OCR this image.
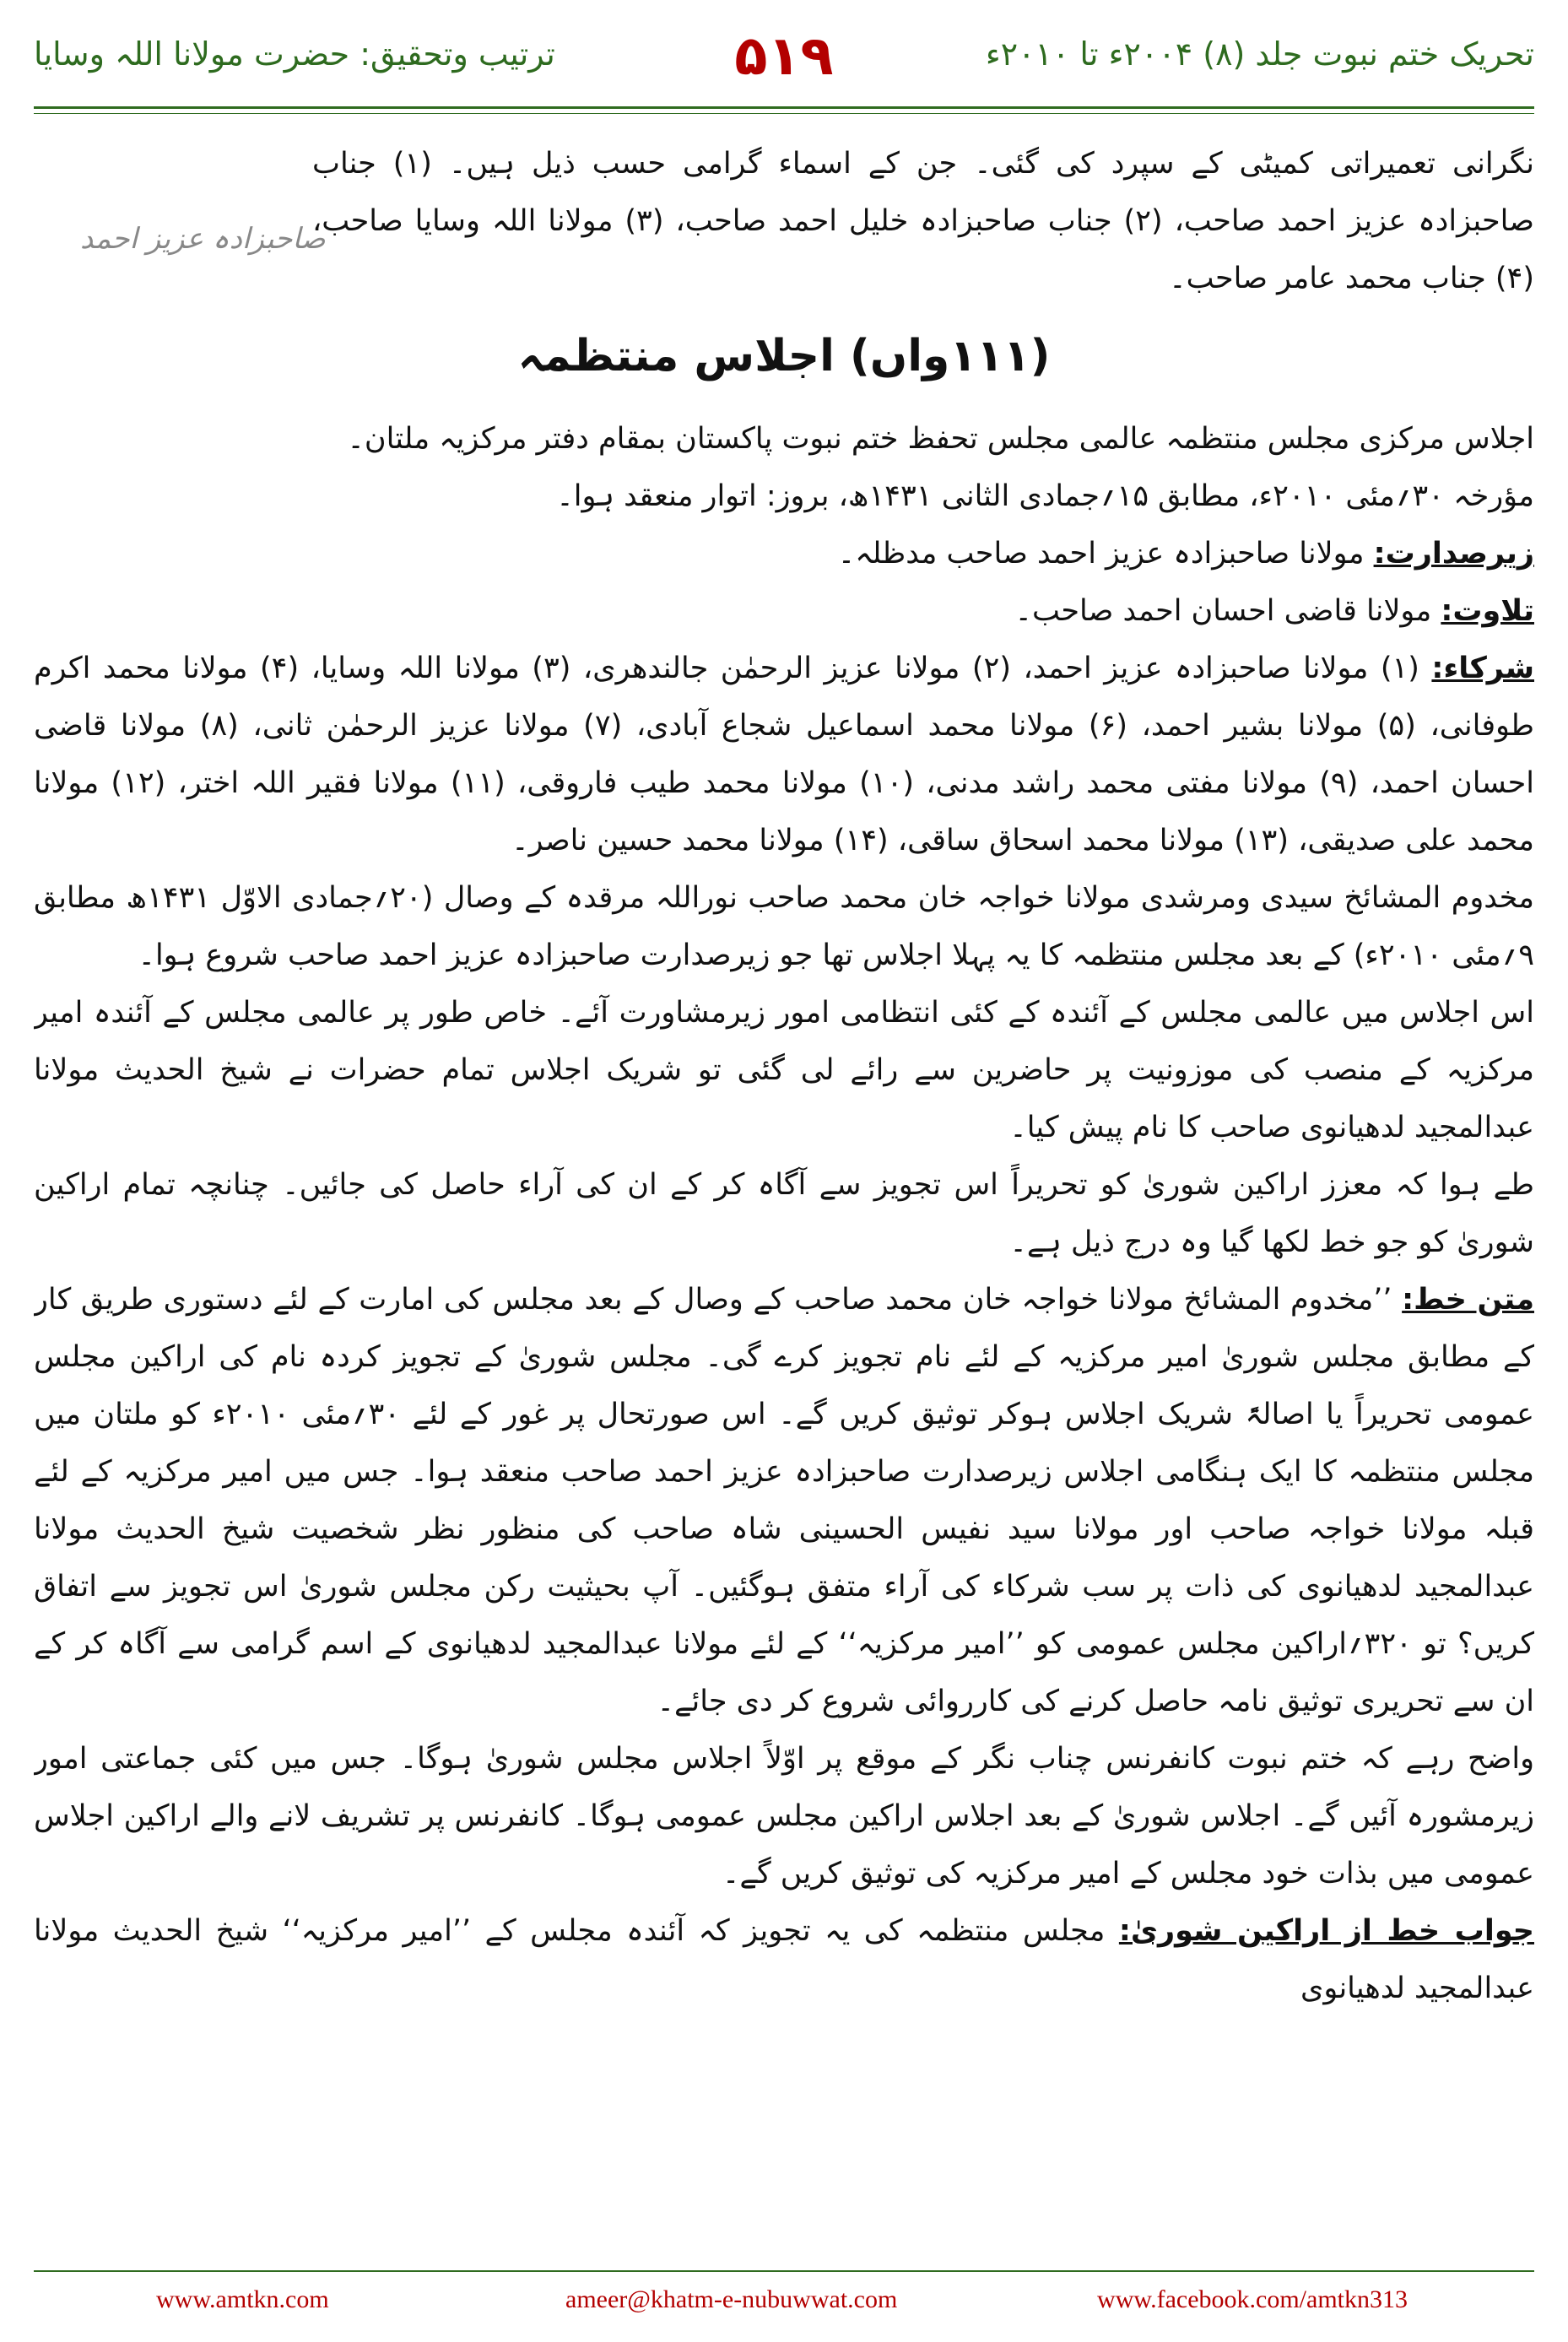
تحریک ختم نبوت جلد (۸) ۲۰۰۴ء تا ۲۰۱۰ء
۵۱۹
ترتیب وتحقیق: حضرت مولانا اللہ وسایا
صاحبزادہ عزیز احمد

نگرانی تعمیراتی کمیٹی کے سپرد کی گئی۔ جن کے اسماء گرامی حسب ذیل ہیں۔ (۱) جناب صاحبزادہ عزیز احمد صاحب، (۲) جناب صاحبزادہ خلیل احمد صاحب، (۳) مولانا اللہ وسایا صاحب، (۴) جناب محمد عامر صاحب۔

(۱۱۱واں) اجلاس منتظمہ

اجلاس مرکزی مجلس منتظمہ عالمی مجلس تحفظ ختم نبوت پاکستان بمقام دفتر مرکزیہ ملتان۔

مؤرخہ ۳۰؍مئی ۲۰۱۰ء، مطابق ۱۵؍جمادی الثانی ۱۴۳۱ھ، بروز: اتوار منعقد ہوا۔

زیرصدارت: مولانا صاحبزادہ عزیز احمد صاحب مدظلہ۔

تلاوت: مولانا قاضی احسان احمد صاحب۔

شرکاء: (۱) مولانا صاحبزادہ عزیز احمد، (۲) مولانا عزیز الرحمٰن جالندھری، (۳) مولانا اللہ وسایا، (۴) مولانا محمد اکرم طوفانی، (۵) مولانا بشیر احمد، (۶) مولانا محمد اسماعیل شجاع آبادی، (۷) مولانا عزیز الرحمٰن ثانی، (۸) مولانا قاضی احسان احمد، (۹) مولانا مفتی محمد راشد مدنی، (۱۰) مولانا محمد طیب فاروقی، (۱۱) مولانا فقیر اللہ اختر، (۱۲) مولانا محمد علی صدیقی، (۱۳) مولانا محمد اسحاق ساقی، (۱۴) مولانا محمد حسین ناصر۔

مخدوم المشائخ سیدی ومرشدی مولانا خواجہ خان محمد صاحب نوراللہ مرقدہ کے وصال (۲۰؍جمادی الاوّل ۱۴۳۱ھ مطابق ۹؍مئی ۲۰۱۰ء) کے بعد مجلس منتظمہ کا یہ پہلا اجلاس تھا جو زیرصدارت صاحبزادہ عزیز احمد صاحب شروع ہوا۔

اس اجلاس میں عالمی مجلس کے آئندہ کے کئی انتظامی امور زیرمشاورت آئے۔ خاص طور پر عالمی مجلس کے آئندہ امیر مرکزیہ کے منصب کی موزونیت پر حاضرین سے رائے لی گئی تو شریک اجلاس تمام حضرات نے شیخ الحدیث مولانا عبدالمجید لدھیانوی صاحب کا نام پیش کیا۔

طے ہوا کہ معزز اراکین شوریٰ کو تحریراً اس تجویز سے آگاہ کر کے ان کی آراء حاصل کی جائیں۔ چنانچہ تمام اراکین شوریٰ کو جو خط لکھا گیا وہ درج ذیل ہے۔

متن خط: ’’مخدوم المشائخ مولانا خواجہ خان محمد صاحب کے وصال کے بعد مجلس کی امارت کے لئے دستوری طریق کار کے مطابق مجلس شوریٰ امیر مرکزیہ کے لئے نام تجویز کرے گی۔ مجلس شوریٰ کے تجویز کردہ نام کی اراکین مجلس عمومی تحریراً یا اصالۃً شریک اجلاس ہوکر توثیق کریں گے۔ اس صورتحال پر غور کے لئے ۳۰؍مئی ۲۰۱۰ء کو ملتان میں مجلس منتظمہ کا ایک ہنگامی اجلاس زیرصدارت صاحبزادہ عزیز احمد صاحب منعقد ہوا۔ جس میں امیر مرکزیہ کے لئے قبلہ مولانا خواجہ صاحب اور مولانا سید نفیس الحسینی شاہ صاحب کی منظور نظر شخصیت شیخ الحدیث مولانا عبدالمجید لدھیانوی کی ذات پر سب شرکاء کی آراء متفق ہوگئیں۔ آپ بحیثیت رکن مجلس شوریٰ اس تجویز سے اتفاق کریں؟ تو ۳۲۰؍اراکین مجلس عمومی کو ’’امیر مرکزیہ‘‘ کے لئے مولانا عبدالمجید لدھیانوی کے اسم گرامی سے آگاہ کر کے ان سے تحریری توثیق نامہ حاصل کرنے کی کارروائی شروع کر دی جائے۔

واضح رہے کہ ختم نبوت کانفرنس چناب نگر کے موقع پر اوّلاً اجلاس مجلس شوریٰ ہوگا۔ جس میں کئی جماعتی امور زیرمشورہ آئیں گے۔ اجلاس شوریٰ کے بعد اجلاس اراکین مجلس عمومی ہوگا۔ کانفرنس پر تشریف لانے والے اراکین اجلاس عمومی میں بذات خود مجلس کے امیر مرکزیہ کی توثیق کریں گے۔

جواب خط از اراکین شوریٰ: مجلس منتظمہ کی یہ تجویز کہ آئندہ مجلس کے ’’امیر مرکزیہ‘‘ شیخ الحدیث مولانا عبدالمجید لدھیانوی

www.amtkn.com	ameer@khatm-e-nubuwwat.com	www.facebook.com/amtkn313
